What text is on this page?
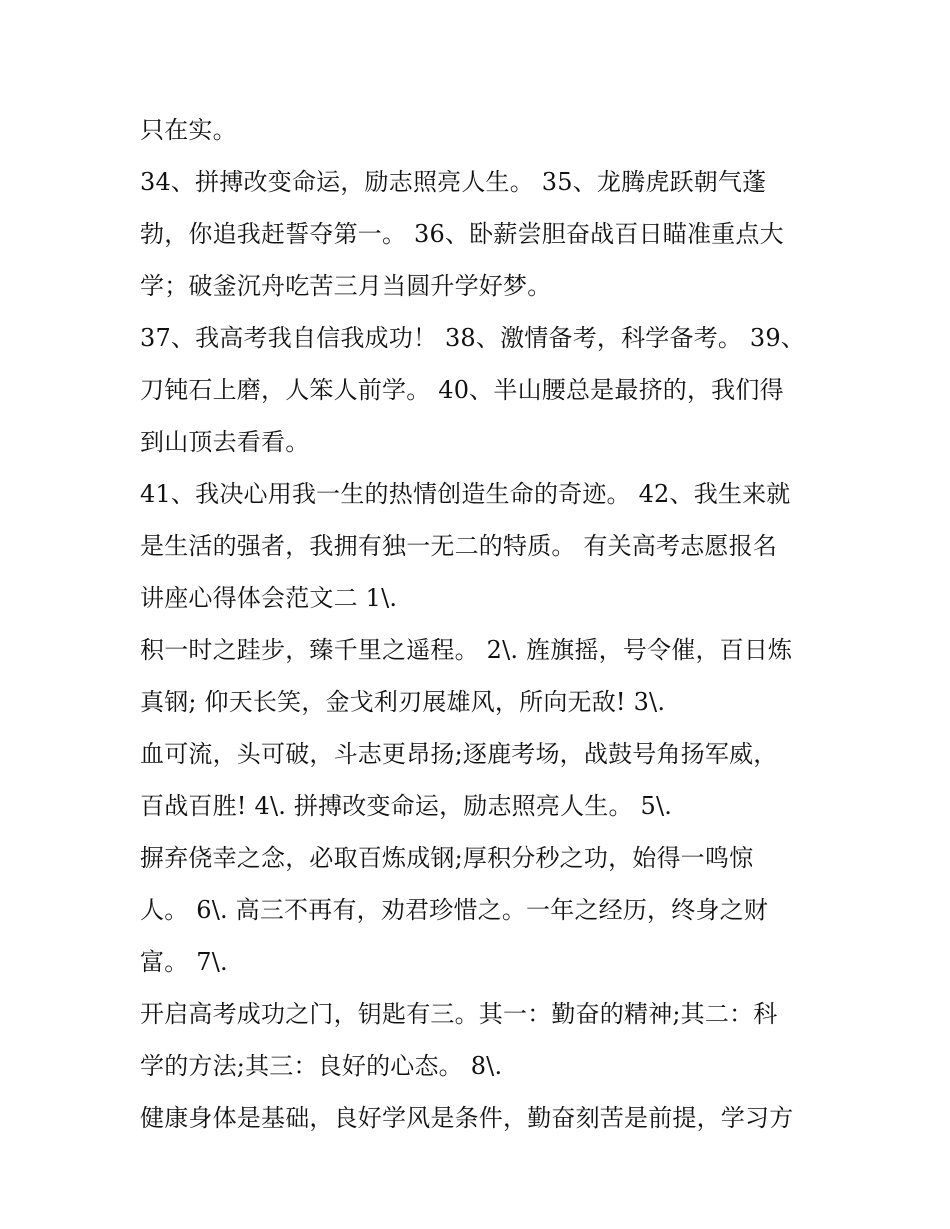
只在实。
34、拼搏改变命运，励志照亮人生。 35、龙腾虎跃朝气蓬
勃，你追我赶誓夺第一。 36、卧薪尝胆奋战百日瞄准重点大
学；破釜沉舟吃苦三月当圆升学好梦。
37、我高考我自信我成功！ 38、激情备考，科学备考。 39、
刀钝石上磨，人笨人前学。 40、半山腰总是最挤的，我们得
到山顶去看看。
41、我决心用我一生的热情创造生命的奇迹。 42、我生来就
是生活的强者，我拥有独一无二的特质。 有关高考志愿报名
讲座心得体会范文二 1\.
积一时之跬步，臻千里之遥程。 2\. 旌旗摇，号令催，百日炼
真钢; 仰天长笑，金戈利刃展雄风，所向无敌! 3\.
血可流，头可破，斗志更昂扬;逐鹿考场，战鼓号角扬军威，
百战百胜! 4\. 拼搏改变命运，励志照亮人生。 5\.
摒弃侥幸之念，必取百炼成钢;厚积分秒之功，始得一鸣惊
人。 6\. 高三不再有，劝君珍惜之。一年之经历，终身之财
富。 7\.
开启高考成功之门，钥匙有三。其一：勤奋的精神;其二：科
学的方法;其三：良好的心态。 8\.
健康身体是基础，良好学风是条件，勤奋刻苦是前提，学习方
